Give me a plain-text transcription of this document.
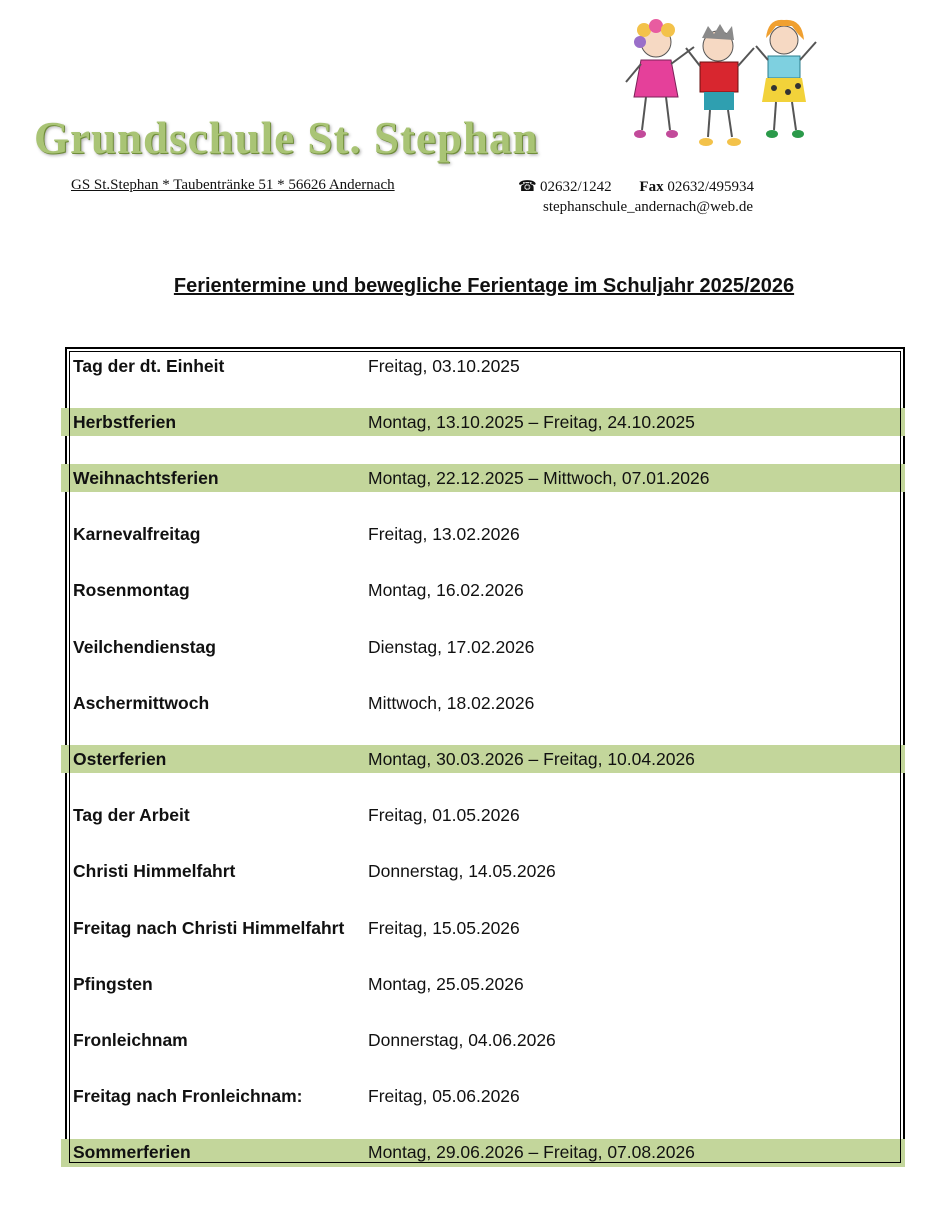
Grundschule St. Stephan
GS St.Stephan * Taubentränke 51 * 56626 Andernach	☎ 02632/1242 Fax 02632/495934
stephanschule_andernach@web.de
Ferientermine und bewegliche Ferientage im Schuljahr 2025/2026
Tag der dt. Einheit	Freitag, 03.10.2025
Herbstferien	Montag, 13.10.2025 – Freitag, 24.10.2025
Weihnachtsferien	Montag, 22.12.2025 – Mittwoch, 07.01.2026
Karnevalfreitag	Freitag, 13.02.2026
Rosenmontag	Montag, 16.02.2026
Veilchendienstag	Dienstag, 17.02.2026
Aschermittwoch	Mittwoch, 18.02.2026
Osterferien	Montag, 30.03.2026 – Freitag, 10.04.2026
Tag der Arbeit	Freitag, 01.05.2026
Christi Himmelfahrt	Donnerstag, 14.05.2026
Freitag nach Christi Himmelfahrt	Freitag, 15.05.2026
Pfingsten	Montag, 25.05.2026
Fronleichnam	Donnerstag, 04.06.2026
Freitag nach Fronleichnam:	Freitag, 05.06.2026
Sommerferien	Montag, 29.06.2026 – Freitag, 07.08.2026
